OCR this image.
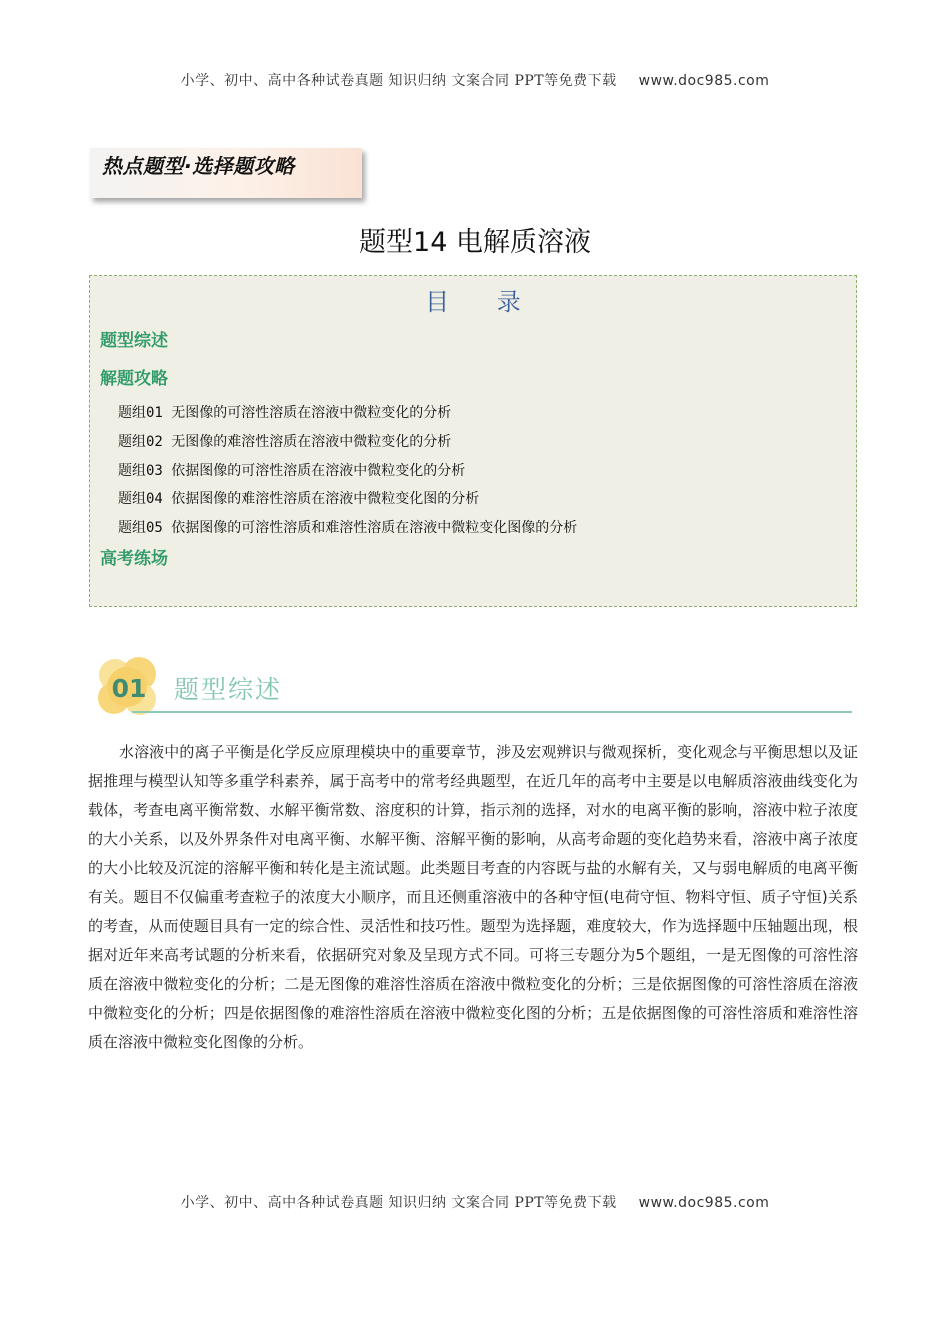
小学、初中、高中各种试卷真题 知识归纳 文案合同 PPT等免费下载 www.doc985.com
热点题型·选择题攻略
题型14 电解质溶液
目 录
题型综述
解题攻略
题组01 无图像的可溶性溶质在溶液中微粒变化的分析
题组02 无图像的难溶性溶质在溶液中微粒变化的分析
题组03 依据图像的可溶性溶质在溶液中微粒变化的分析
题组04 依据图像的难溶性溶质在溶液中微粒变化图的分析
题组05 依据图像的可溶性溶质和难溶性溶质在溶液中微粒变化图像的分析
高考练场
01 题型综述

水溶液中的离子平衡是化学反应原理模块中的重要章节，涉及宏观辨识与微观探析，变化观念与平衡思想以及证据推理与模型认知等多重学科素养，属于高考中的常考经典题型，在近几年的高考中主要是以电解质溶液曲线变化为载体，考查电离平衡常数、水解平衡常数、溶度积的计算，指示剂的选择，对水的电离平衡的影响，溶液中粒子浓度的大小关系，以及外界条件对电离平衡、水解平衡、溶解平衡的影响，从高考命题的变化趋势来看，溶液中离子浓度的大小比较及沉淀的溶解平衡和转化是主流试题。此类题目考查的内容既与盐的水解有关，又与弱电解质的电离平衡有关。题目不仅偏重考查粒子的浓度大小顺序，而且还侧重溶液中的各种守恒(电荷守恒、物料守恒、质子守恒)关系的考查，从而使题目具有一定的综合性、灵活性和技巧性。题型为选择题，难度较大，作为选择题中压轴题出现，根据对近年来高考试题的分析来看，依据研究对象及呈现方式不同。可将三专题分为5个题组，一是无图像的可溶性溶质在溶液中微粒变化的分析；二是无图像的难溶性溶质在溶液中微粒变化的分析；三是依据图像的可溶性溶质在溶液中微粒变化的分析；四是依据图像的难溶性溶质在溶液中微粒变化图的分析；五是依据图像的可溶性溶质和难溶性溶质在溶液中微粒变化图像的分析。

小学、初中、高中各种试卷真题 知识归纳 文案合同 PPT等免费下载 www.doc985.com
